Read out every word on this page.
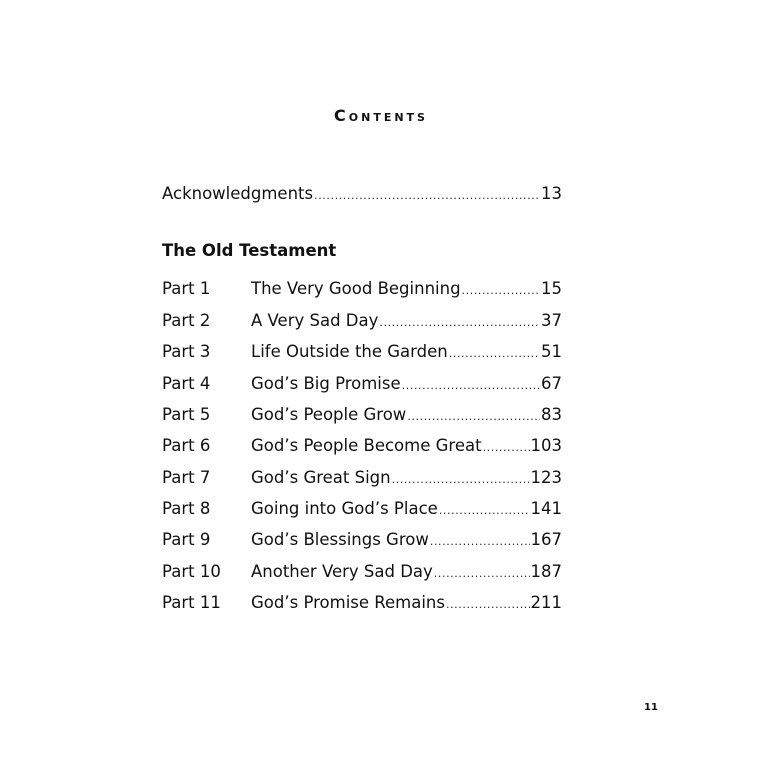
Contents
Acknowledgments .....	13
The Old Testament
Part 1	The Very Good Beginning .....	15
Part 2	A Very Sad Day .....	37
Part 3	Life Outside the Garden .....	51
Part 4	God’s Big Promise .....	67
Part 5	God’s People Grow .....	83
Part 6	God’s People Become Great .....	103
Part 7	God’s Great Sign .....	123
Part 8	Going into God’s Place .....	141
Part 9	God’s Blessings Grow .....	167
Part 10	Another Very Sad Day .....	187
Part 11	God’s Promise Remains .....	211
11
